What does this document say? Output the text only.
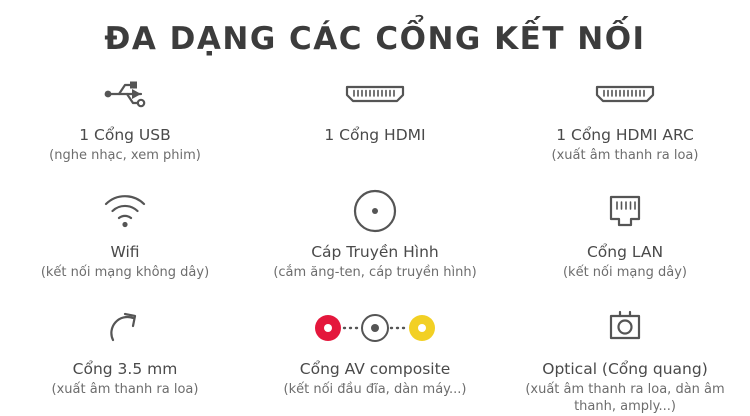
ĐA DẠNG CÁC CỔNG KẾT NỐI
1 Cổng USB
(nghe nhạc, xem phim)
1 Cổng HDMI	1 Cổng HDMI ARC
(xuất âm thanh ra loa)
Wifi
(kết nối mạng không dây)
Cáp Truyền Hình
(cắm ăng-ten, cáp truyền hình)
Cổng LAN
(kết nối mạng dây)
Cổng 3.5 mm
(xuất âm thanh ra loa)
Cổng AV composite
(kết nối đầu đĩa, dàn máy...)
Optical (Cổng quang)
(xuất âm thanh ra loa, dàn âm thanh, amply...)
